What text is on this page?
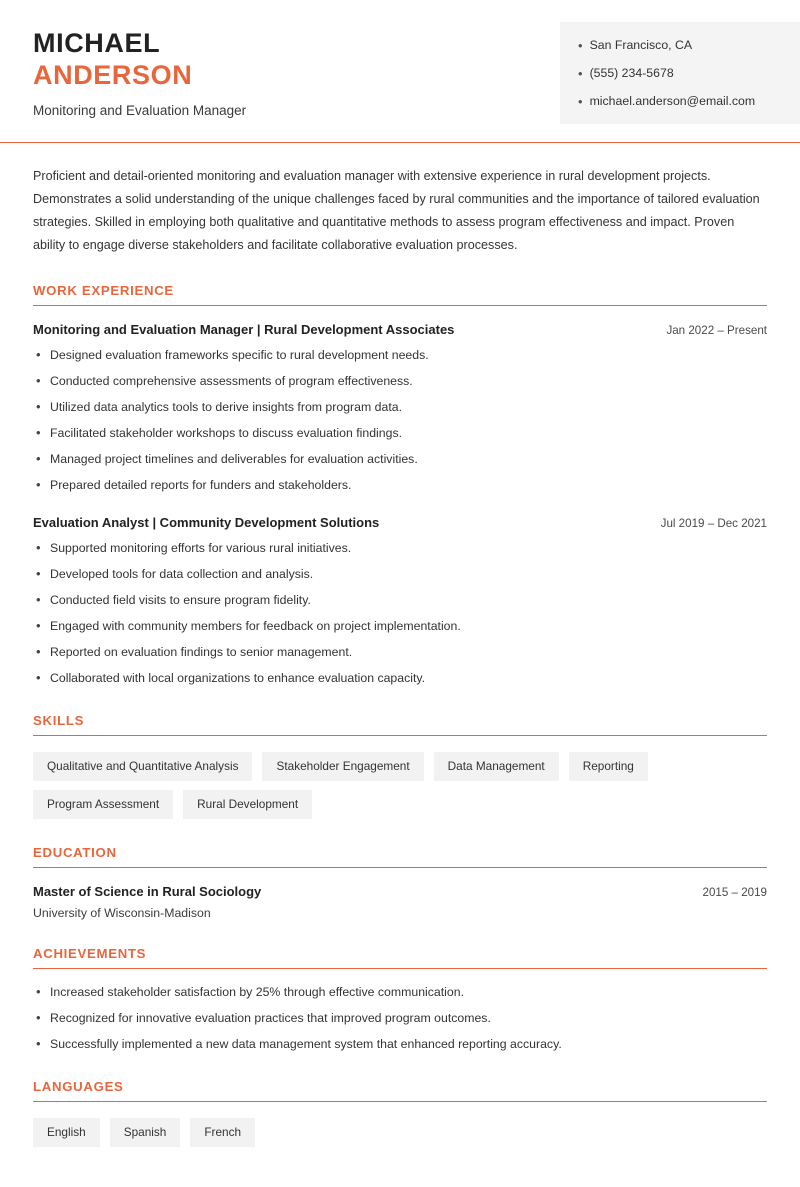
MICHAEL
ANDERSON
Monitoring and Evaluation Manager
• San Francisco, CA
• (555) 234-5678
• michael.anderson@email.com
Proficient and detail-oriented monitoring and evaluation manager with extensive experience in rural development projects. Demonstrates a solid understanding of the unique challenges faced by rural communities and the importance of tailored evaluation strategies. Skilled in employing both qualitative and quantitative methods to assess program effectiveness and impact. Proven ability to engage diverse stakeholders and facilitate collaborative evaluation processes.
WORK EXPERIENCE
Monitoring and Evaluation Manager | Rural Development Associates	Jan 2022 – Present
• Designed evaluation frameworks specific to rural development needs.
• Conducted comprehensive assessments of program effectiveness.
• Utilized data analytics tools to derive insights from program data.
• Facilitated stakeholder workshops to discuss evaluation findings.
• Managed project timelines and deliverables for evaluation activities.
• Prepared detailed reports for funders and stakeholders.
Evaluation Analyst | Community Development Solutions	Jul 2019 – Dec 2021
• Supported monitoring efforts for various rural initiatives.
• Developed tools for data collection and analysis.
• Conducted field visits to ensure program fidelity.
• Engaged with community members for feedback on project implementation.
• Reported on evaluation findings to senior management.
• Collaborated with local organizations to enhance evaluation capacity.
SKILLS
Qualitative and Quantitative Analysis	Stakeholder Engagement	Data Management	Reporting
Program Assessment	Rural Development
EDUCATION
Master of Science in Rural Sociology	2015 – 2019
University of Wisconsin-Madison
ACHIEVEMENTS
• Increased stakeholder satisfaction by 25% through effective communication.
• Recognized for innovative evaluation practices that improved program outcomes.
• Successfully implemented a new data management system that enhanced reporting accuracy.
LANGUAGES
English	Spanish	French
